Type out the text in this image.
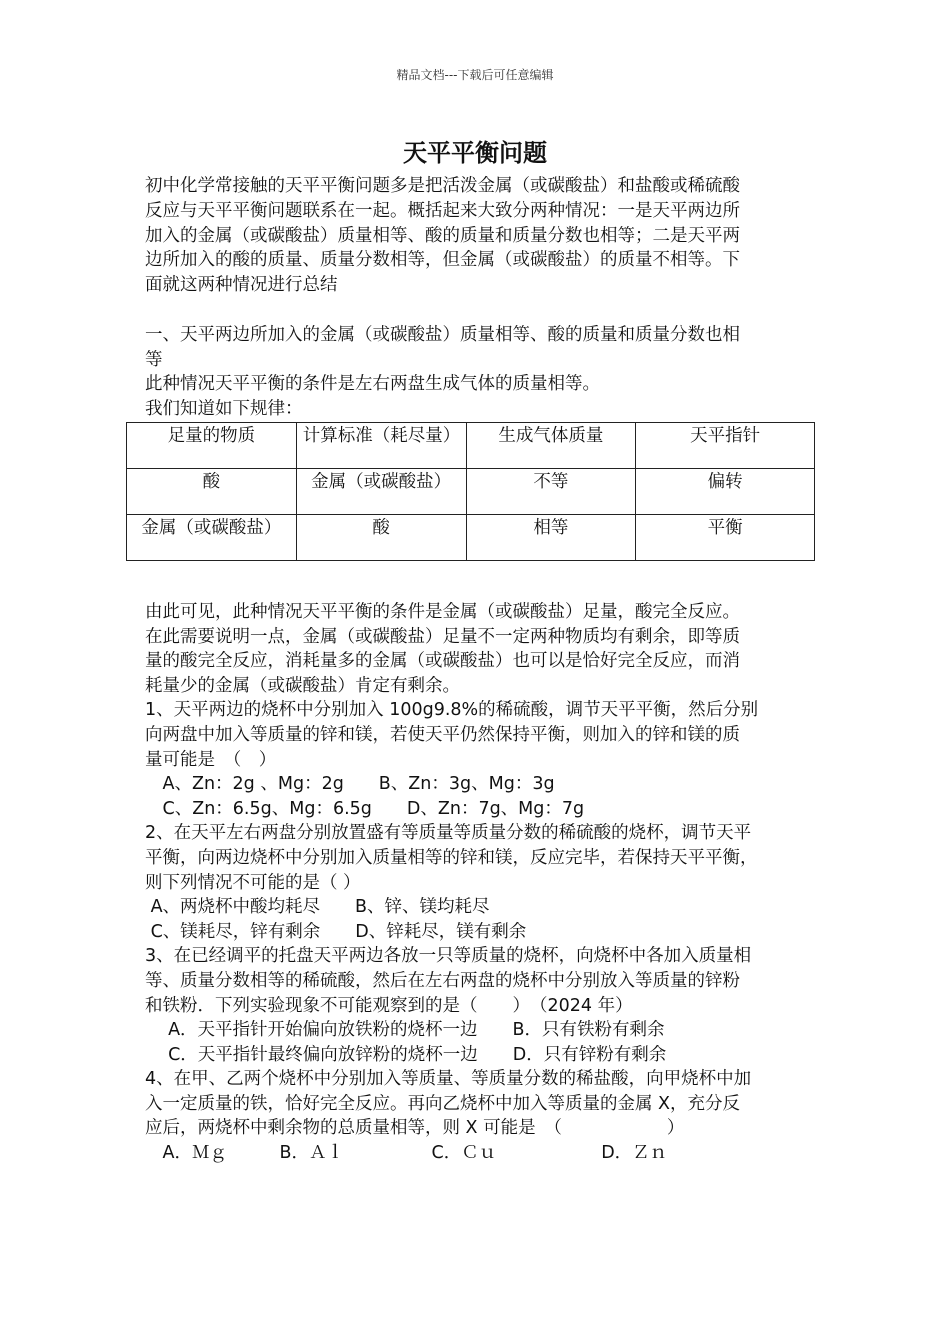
精品文档---下载后可任意编辑
天平平衡问题

初中化学常接触的天平平衡问题多是把活泼金属（或碳酸盐）和盐酸或稀硫酸

反应与天平平衡问题联系在一起。概括起来大致分两种情况：一是天平两边所

加入的金属（或碳酸盐）质量相等、酸的质量和质量分数也相等；二是天平两

边所加入的酸的质量、质量分数相等，但金属（或碳酸盐）的质量不相等。下

面就这两种情况进行总结

一、天平两边所加入的金属（或碳酸盐）质量相等、酸的质量和质量分数也相

等

此种情况天平平衡的条件是左右两盘生成气体的质量相等。

我们知道如下规律：

足量的物质	计算标准（耗尽量）	生成气体质量	天平指针
酸	金属（或碳酸盐）	不等	偏转
金属（或碳酸盐）	酸	相等	平衡

由此可见，此种情况天平平衡的条件是金属（或碳酸盐）足量，酸完全反应。

在此需要说明一点，金属（或碳酸盐）足量不一定两种物质均有剩余，即等质

量的酸完全反应，消耗量多的金属（或碳酸盐）也可以是恰好完全反应，而消

耗量少的金属（或碳酸盐）肯定有剩余。

1、天平两边的烧杯中分别加入 100g9.8%的稀硫酸，调节天平平衡，然后分别

向两盘中加入等质量的锌和镁，若使天平仍然保持平衡，则加入的锌和镁的质

量可能是　（　）

　A、Zn：2g 、Mg：2g　　B、Zn：3g、Mg：3g

　C、Zn：6.5g、Mg：6.5g　　D、Zn：7g、Mg：7g

2、在天平左右两盘分别放置盛有等质量等质量分数的稀硫酸的烧杯，调节天平

平衡，向两边烧杯中分别加入质量相等的锌和镁，反应完毕，若保持天平平衡，

则下列情况不可能的是（ ）

A、两烧杯中酸均耗尽　　B、锌、镁均耗尽

C、镁耗尽，锌有剩余　　D、锌耗尽，镁有剩余

3、在已经调平的托盘天平两边各放一只等质量的烧杯，向烧杯中各加入质量相

等、质量分数相等的稀硫酸，然后在左右两盘的烧杯中分别放入等质量的锌粉

和铁粉．下列实验现象不可能观察到的是（　　）　（2024 年）

　 A．天平指针开始偏向放铁粉的烧杯一边　　B．只有铁粉有剩余

　 C．天平指针最终偏向放锌粉的烧杯一边　　D．只有锌粉有剩余

4、在甲、乙两个烧杯中分别加入等质量、等质量分数的稀盐酸，向甲烧杯中加

入一定质量的铁，恰好完全反应。再向乙烧杯中加入等质量的金属 X，充分反

应后，两烧杯中剩余物的总质量相等，则 X 可能是　（　　　　　　）

　A．Ｍｇ　　　B．Ａｌ　　　　　C．Ｃｕ　　　　　　D．Ｚｎ
